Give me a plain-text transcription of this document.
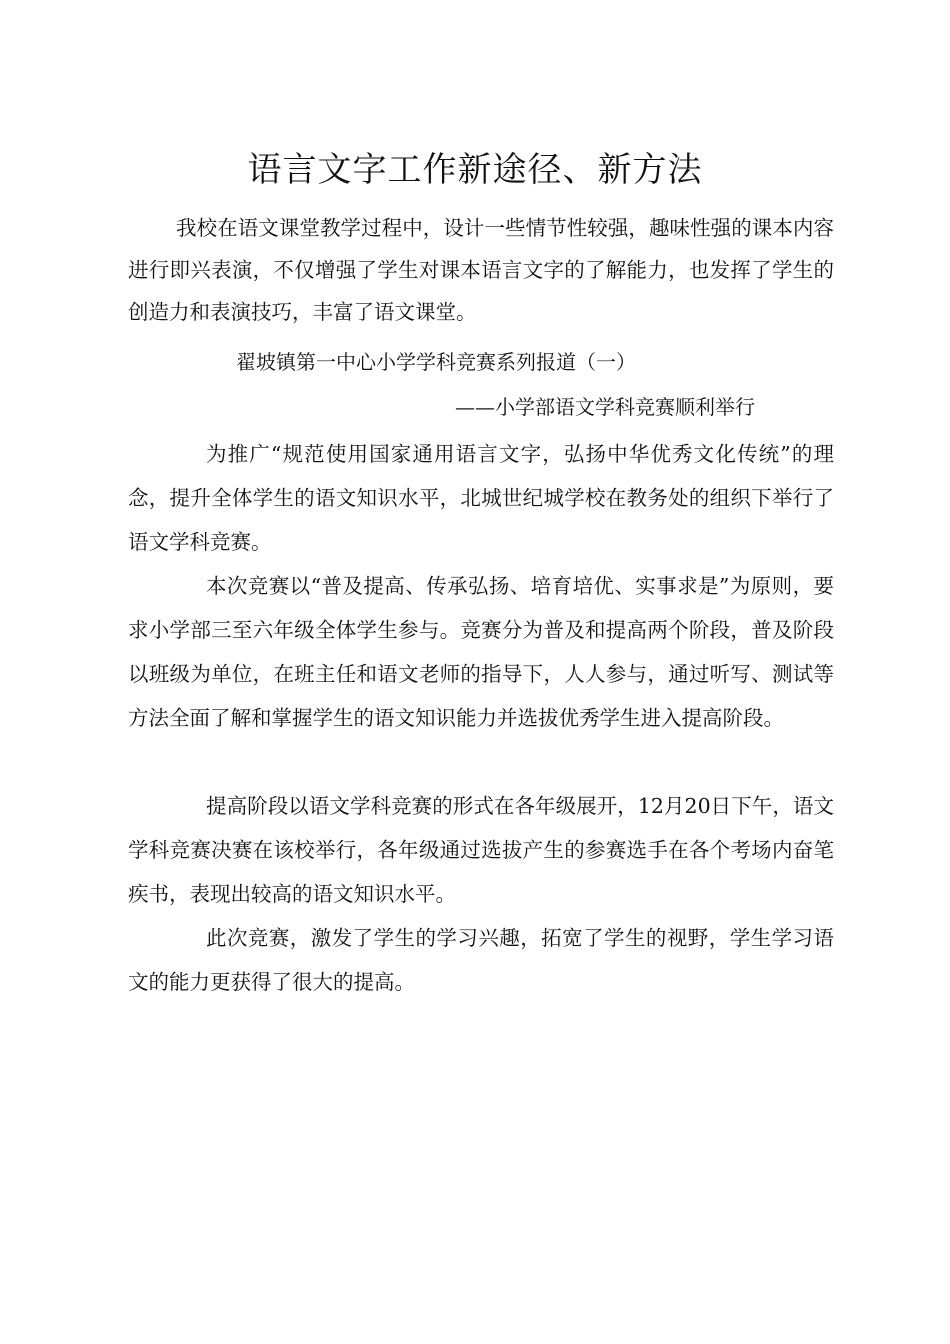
语言文字工作新途径、新方法

我校在语文课堂教学过程中，设计一些情节性较强，趣味性强的课本内容进行即兴表演，不仅增强了学生对课本语言文字的了解能力，也发挥了学生的创造力和表演技巧，丰富了语文课堂。

翟坡镇第一中心小学学科竞赛系列报道（一）

——小学部语文学科竞赛顺利举行

为推广“规范使用国家通用语言文字，弘扬中华优秀文化传统”的理念，提升全体学生的语文知识水平，北城世纪城学校在教务处的组织下举行了语文学科竞赛。

本次竞赛以“普及提高、传承弘扬、培育培优、实事求是”为原则，要求小学部三至六年级全体学生参与。竞赛分为普及和提高两个阶段，普及阶段以班级为单位，在班主任和语文老师的指导下，人人参与，通过听写、测试等方法全面了解和掌握学生的语文知识能力并选拔优秀学生进入提高阶段。

提高阶段以语文学科竞赛的形式在各年级展开，12月20日下午，语文学科竞赛决赛在该校举行，各年级通过选拔产生的参赛选手在各个考场内奋笔疾书，表现出较高的语文知识水平。

此次竞赛，激发了学生的学习兴趣，拓宽了学生的视野，学生学习语文的能力更获得了很大的提高。
